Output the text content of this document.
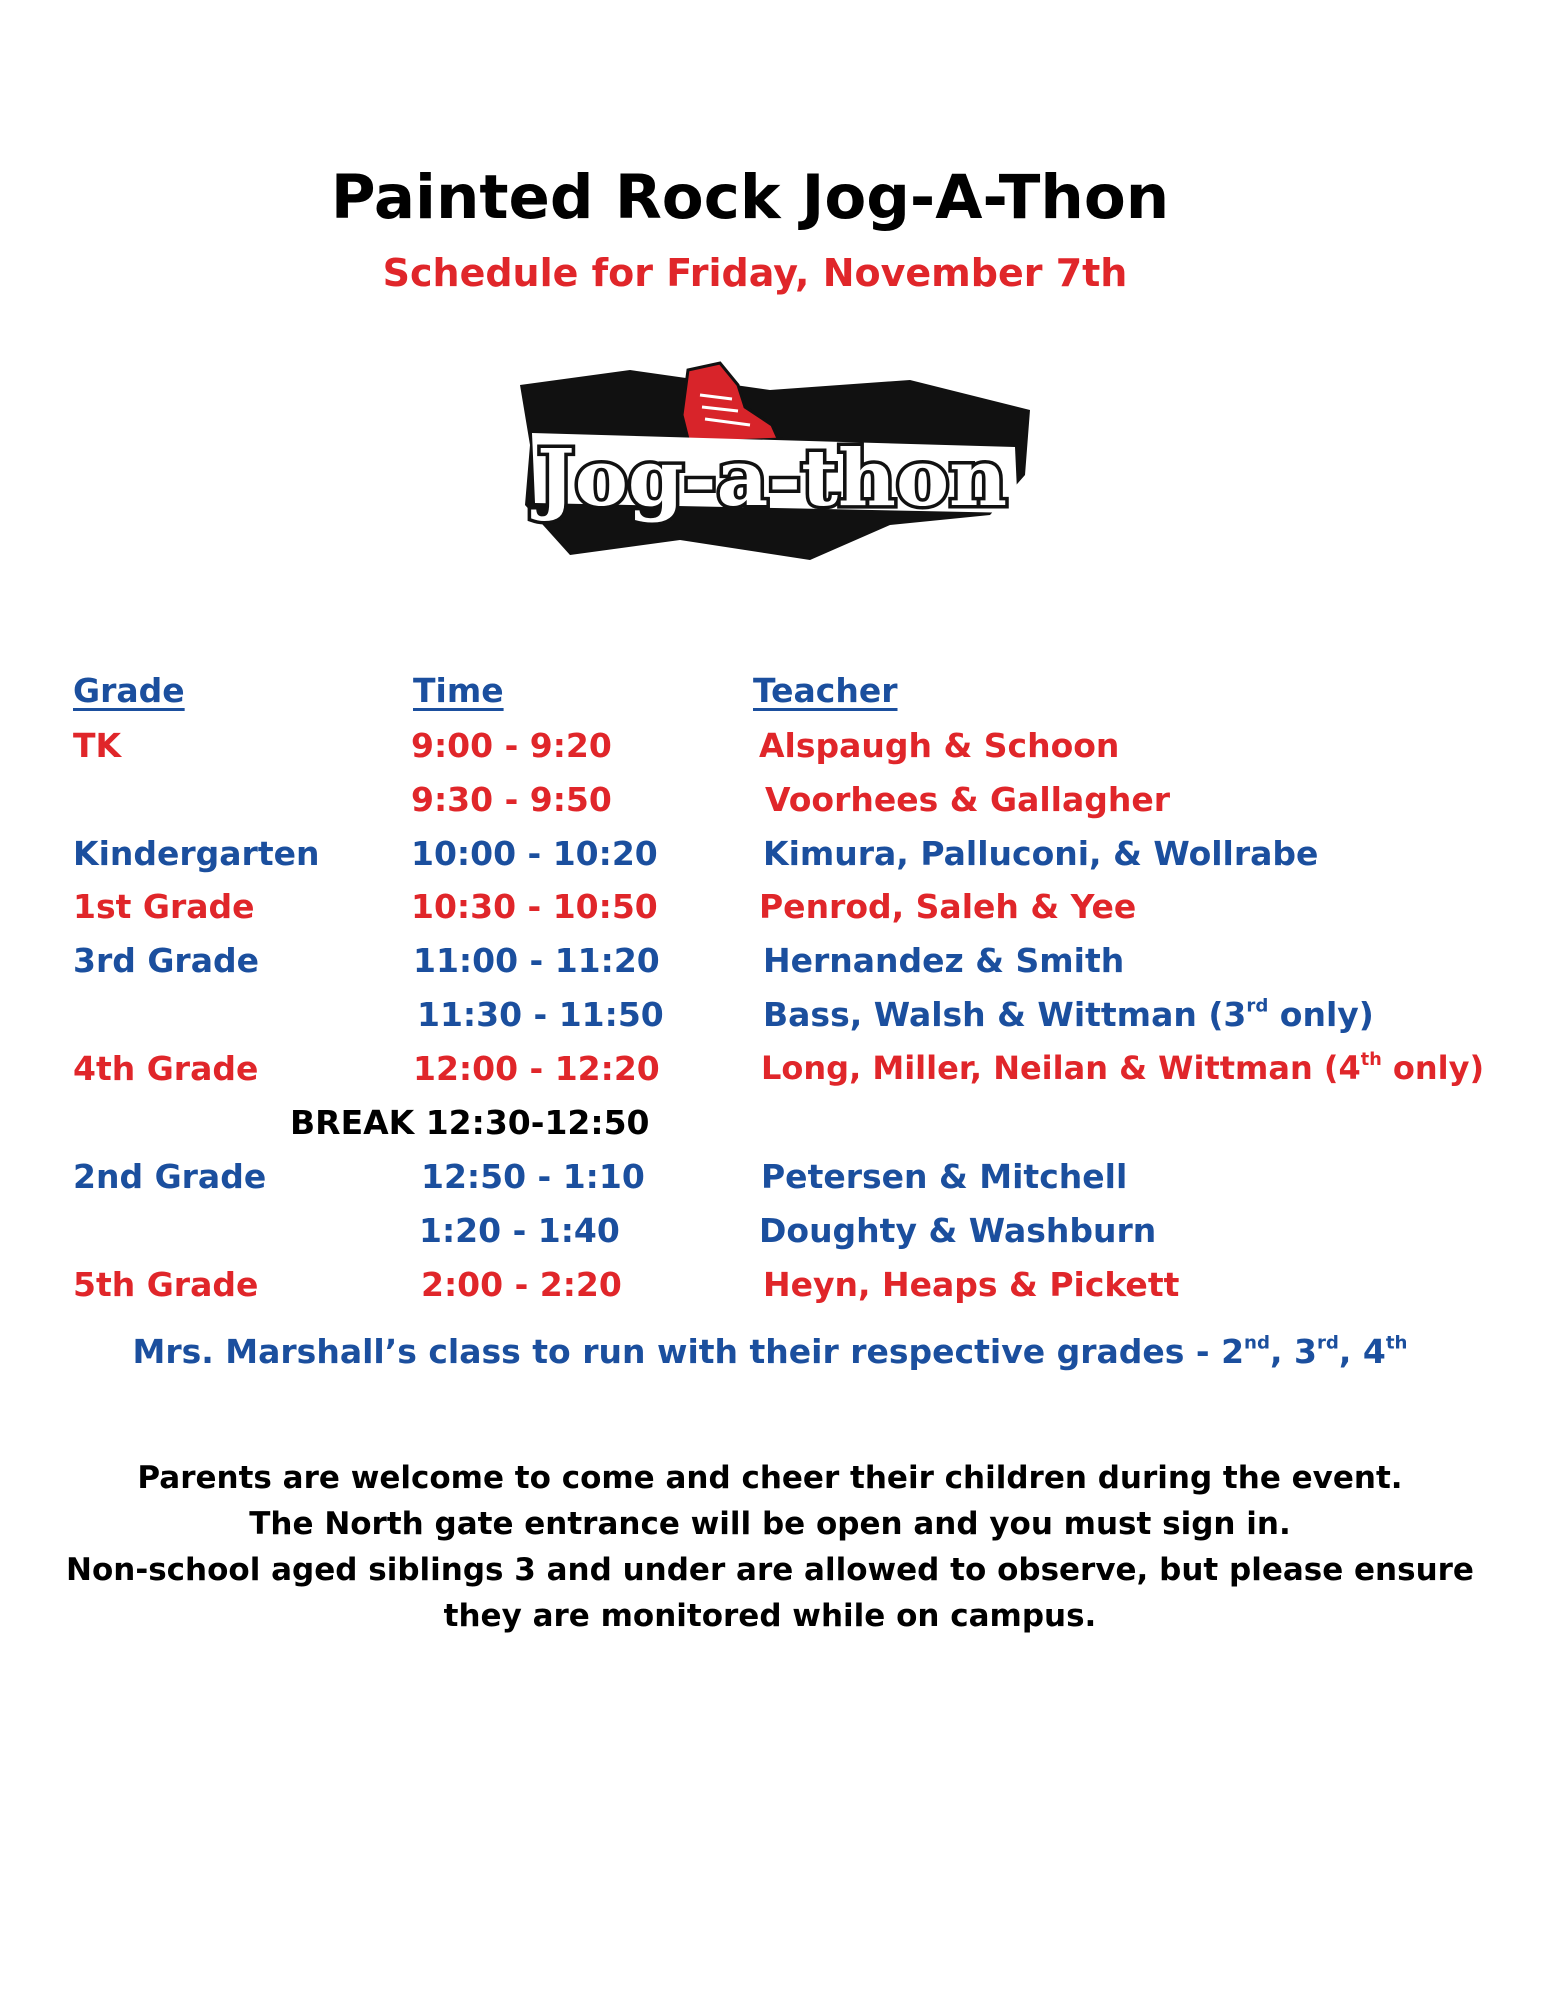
Painted Rock Jog-A-Thon
Schedule for Friday, November 7th
Jog-a-thon
Grade	Time	Teacher
TK	9:00 - 9:20	Alspaugh & Schoon
9:30 - 9:50	Voorhees & Gallagher
Kindergarten	10:00 - 10:20	Kimura, Palluconi, & Wollrabe
1st Grade	10:30 - 10:50	Penrod, Saleh & Yee
3rd Grade	11:00 - 11:20	Hernandez & Smith
11:30 - 11:50	Bass, Walsh & Wittman (3rd only)
4th Grade	12:00 - 12:20	Long, Miller, Neilan & Wittman (4th only)
BREAK 12:30-12:50
2nd Grade	12:50 - 1:10	Petersen & Mitchell
1:20 - 1:40	Doughty & Washburn
5th Grade	2:00 - 2:20	Heyn, Heaps & Pickett
Mrs. Marshall’s class to run with their respective grades - 2nd, 3rd, 4th
Parents are welcome to come and cheer their children during the event.
The North gate entrance will be open and you must sign in.
Non-school aged siblings 3 and under are allowed to observe, but please ensure
they are monitored while on campus.
